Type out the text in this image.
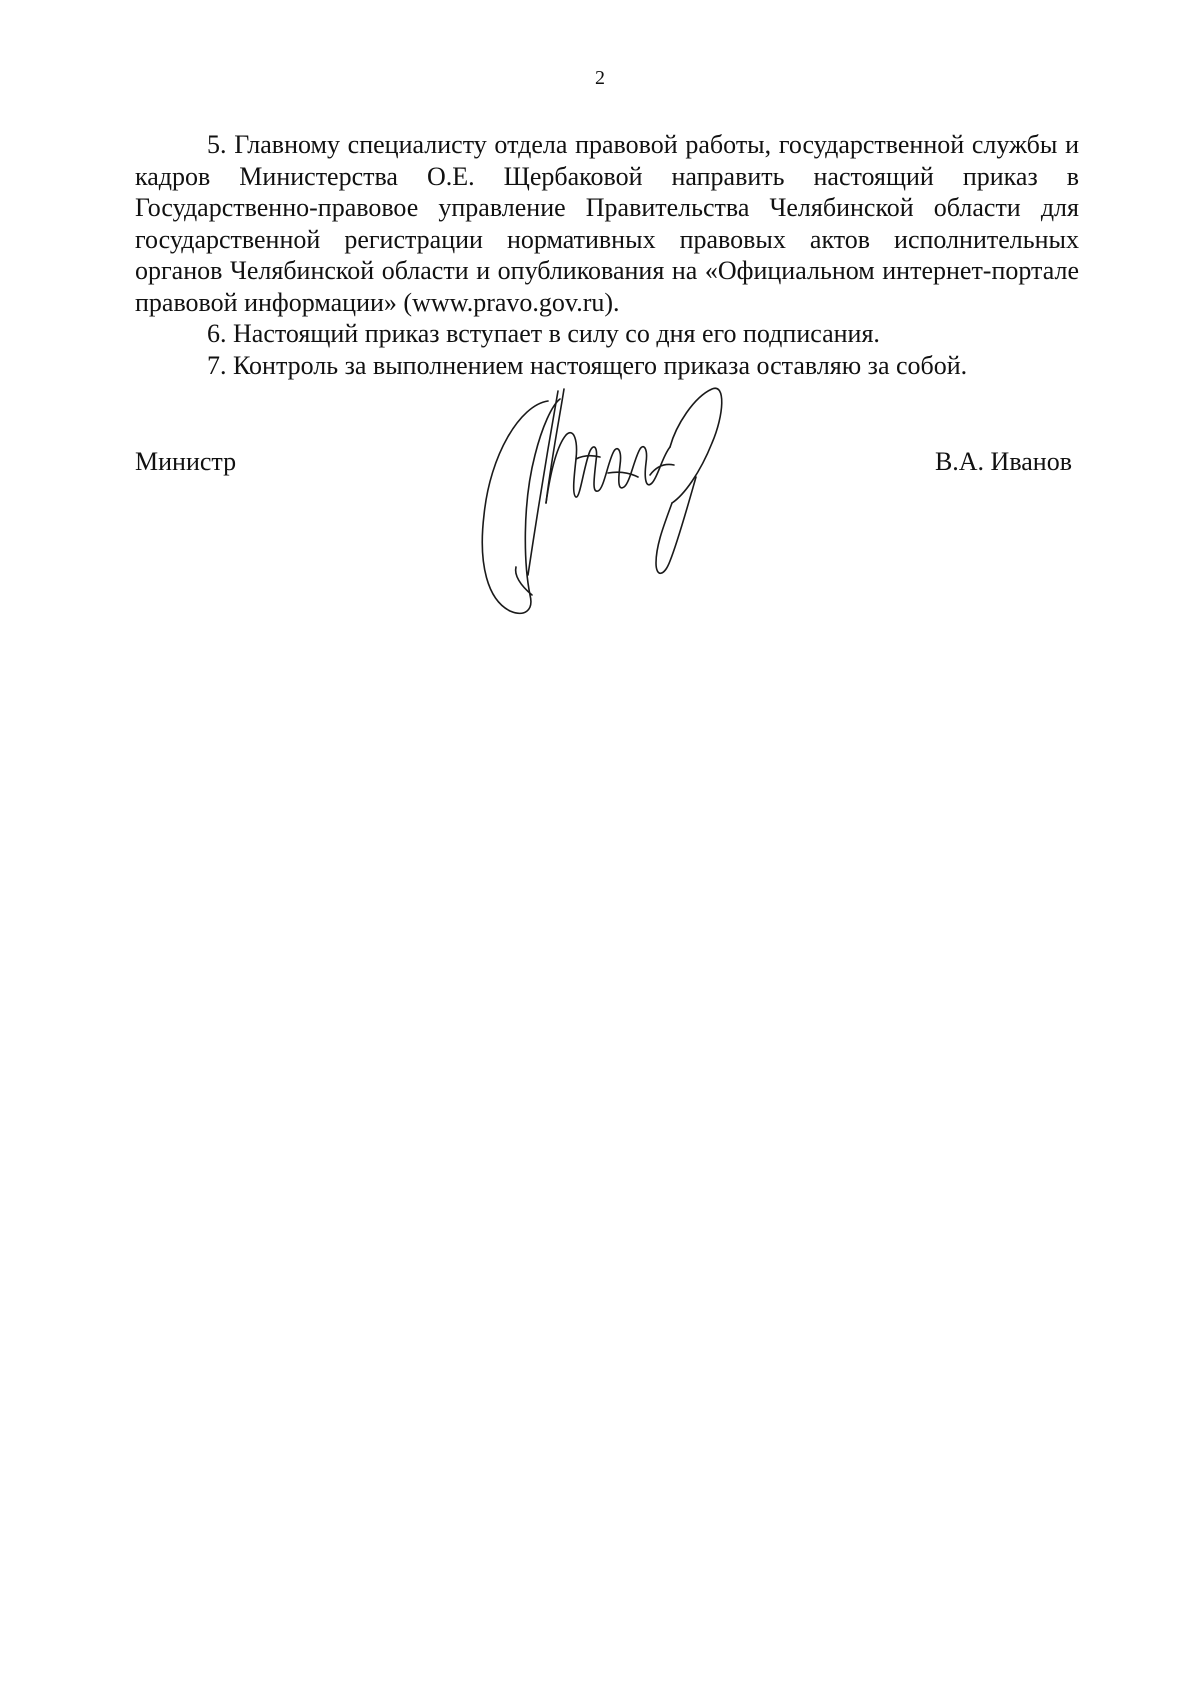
2

5. Главному специалисту отдела правовой работы, государственной службы и кадров Министерства О.Е. Щербаковой направить настоящий приказ в Государственно-правовое управление Правительства Челябинской области для государственной регистрации нормативных правовых актов исполнительных органов Челябинской области и опубликования на «Официальном интернет-портале правовой информации» (www.pravo.gov.ru).

6. Настоящий приказ вступает в силу со дня его подписания.

7. Контроль за выполнением настоящего приказа оставляю за собой.

Министр	В.А. Иванов
